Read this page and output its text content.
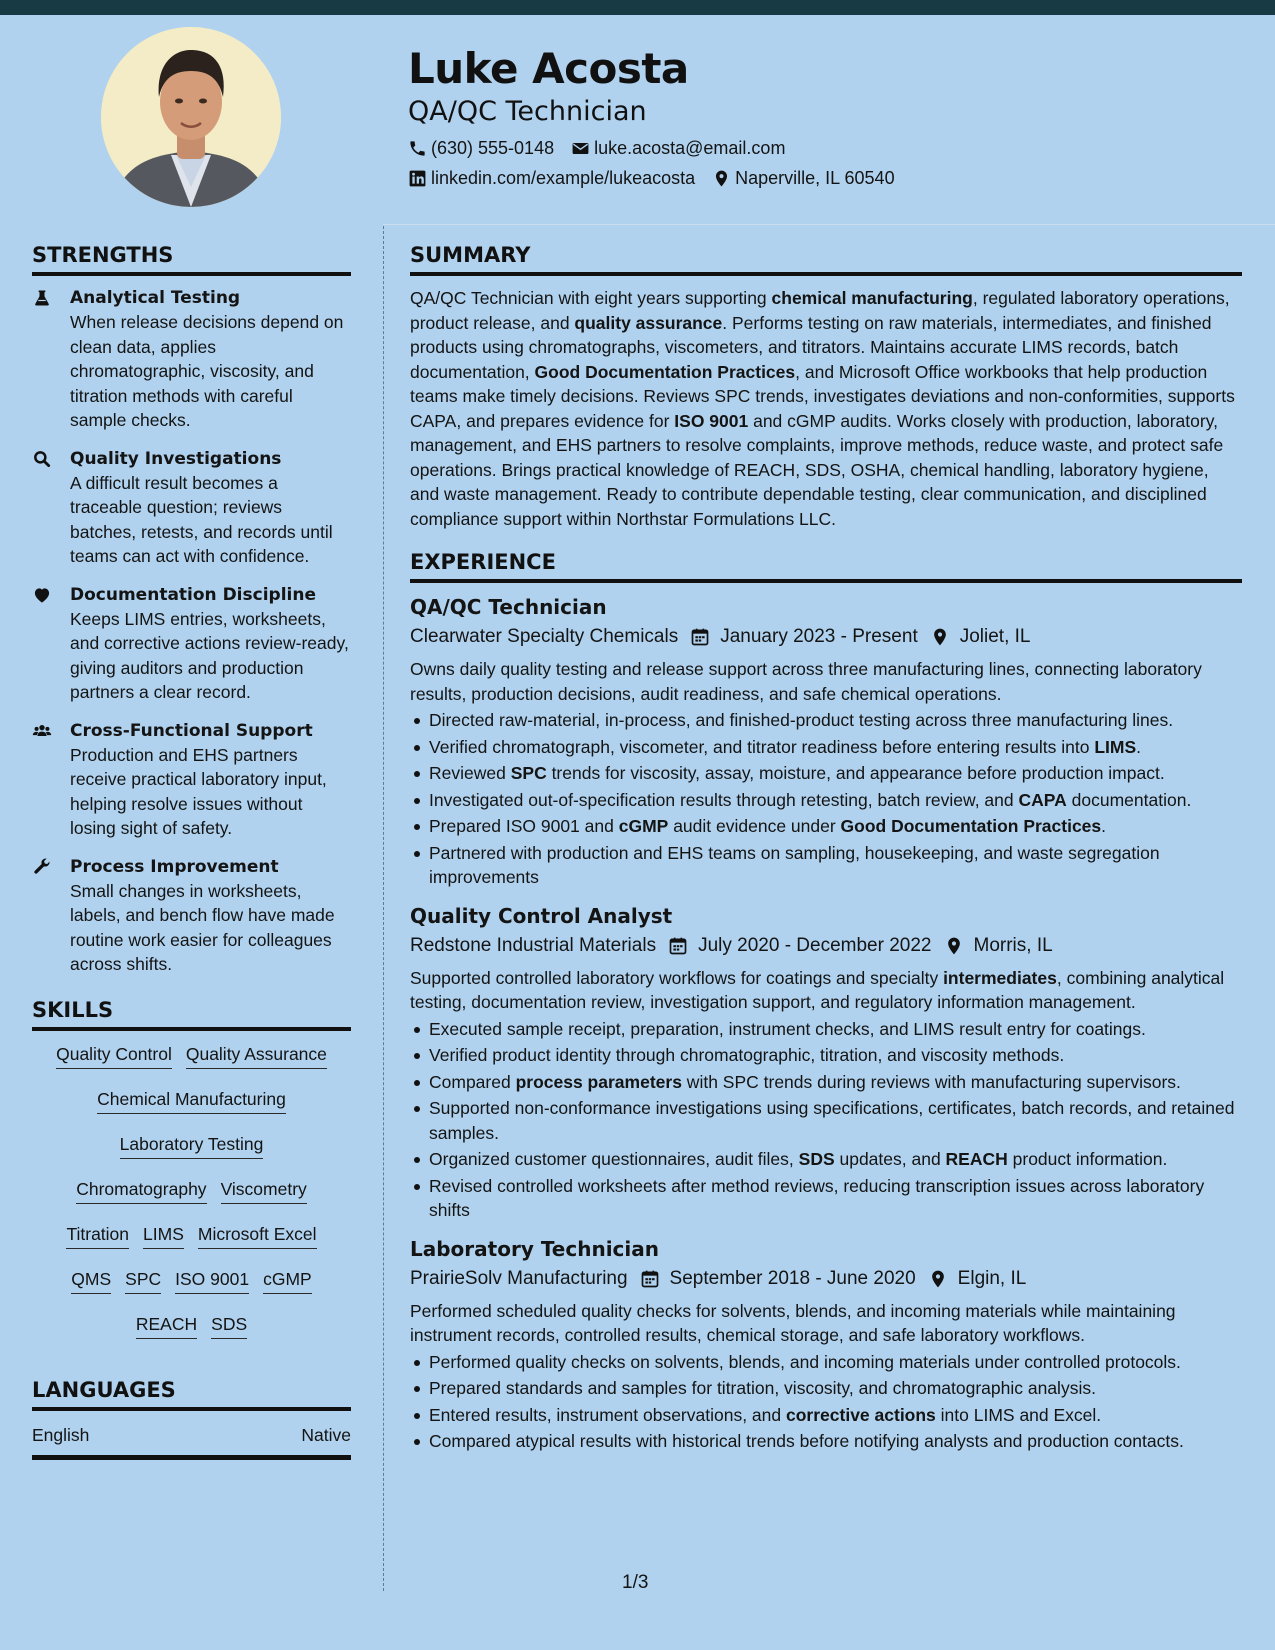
Luke Acosta
QA/QC Technician
(630) 555-0148 luke.acosta@email.com
linkedin.com/example/lukeacosta Naperville, IL 60540
STRENGTHS
Analytical Testing
When release decisions depend on clean data, applies chromatographic, viscosity, and titration methods with careful sample checks.
Quality Investigations
A difficult result becomes a traceable question; reviews batches, retests, and records until teams can act with confidence.
Documentation Discipline
Keeps LIMS entries, worksheets, and corrective actions review-ready, giving auditors and production partners a clear record.
Cross-Functional Support
Production and EHS partners receive practical laboratory input, helping resolve issues without losing sight of safety.
Process Improvement
Small changes in worksheets, labels, and bench flow have made routine work easier for colleagues across shifts.
SKILLS
Quality Control Quality Assurance
Chemical Manufacturing
Laboratory Testing
Chromatography Viscometry
Titration LIMS Microsoft Excel
QMS SPC ISO 9001 cGMP
REACH SDS
LANGUAGES
English	Native
SUMMARY
QA/QC Technician with eight years supporting chemical manufacturing, regulated laboratory operations, product release, and quality assurance. Performs testing on raw materials, intermediates, and finished products using chromatographs, viscometers, and titrators. Maintains accurate LIMS records, batch documentation, Good Documentation Practices, and Microsoft Office workbooks that help production teams make timely decisions. Reviews SPC trends, investigates deviations and non-conformities, supports CAPA, and prepares evidence for ISO 9001 and cGMP audits. Works closely with production, laboratory, management, and EHS partners to resolve complaints, improve methods, reduce waste, and protect safe operations. Brings practical knowledge of REACH, SDS, OSHA, chemical handling, laboratory hygiene, and waste management. Ready to contribute dependable testing, clear communication, and disciplined compliance support within Northstar Formulations LLC.
EXPERIENCE
QA/QC Technician
Clearwater Specialty Chemicals January 2023 - Present Joliet, IL
Owns daily quality testing and release support across three manufacturing lines, connecting laboratory results, production decisions, audit readiness, and safe chemical operations.
Directed raw-material, in-process, and finished-product testing across three manufacturing lines.
Verified chromatograph, viscometer, and titrator readiness before entering results into LIMS.
Reviewed SPC trends for viscosity, assay, moisture, and appearance before production impact.
Investigated out-of-specification results through retesting, batch review, and CAPA documentation.
Prepared ISO 9001 and cGMP audit evidence under Good Documentation Practices.
Partnered with production and EHS teams on sampling, housekeeping, and waste segregation improvements
Quality Control Analyst
Redstone Industrial Materials July 2020 - December 2022 Morris, IL
Supported controlled laboratory workflows for coatings and specialty intermediates, combining analytical testing, documentation review, investigation support, and regulatory information management.
Executed sample receipt, preparation, instrument checks, and LIMS result entry for coatings.
Verified product identity through chromatographic, titration, and viscosity methods.
Compared process parameters with SPC trends during reviews with manufacturing supervisors.
Supported non-conformance investigations using specifications, certificates, batch records, and retained samples.
Organized customer questionnaires, audit files, SDS updates, and REACH product information.
Revised controlled worksheets after method reviews, reducing transcription issues across laboratory shifts
Laboratory Technician
PrairieSolv Manufacturing September 2018 - June 2020 Elgin, IL
Performed scheduled quality checks for solvents, blends, and incoming materials while maintaining instrument records, controlled results, chemical storage, and safe laboratory workflows.
Performed quality checks on solvents, blends, and incoming materials under controlled protocols.
Prepared standards and samples for titration, viscosity, and chromatographic analysis.
Entered results, instrument observations, and corrective actions into LIMS and Excel.
Compared atypical results with historical trends before notifying analysts and production contacts.
1/3
